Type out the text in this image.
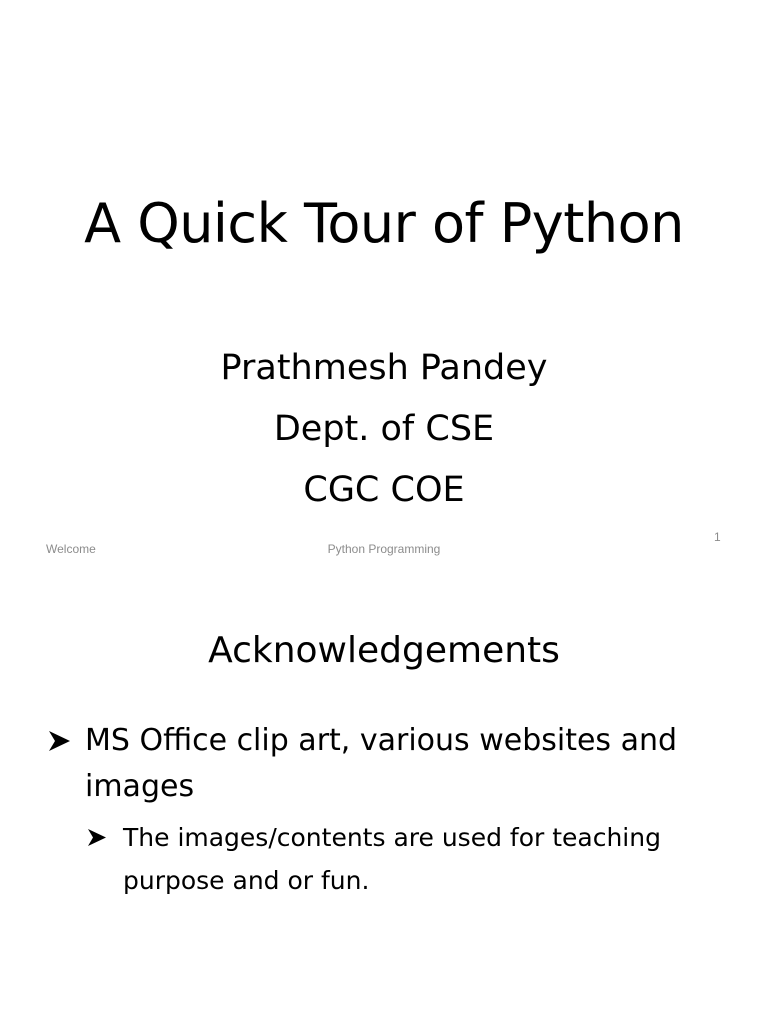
A Quick Tour of Python
Prathmesh Pandey
Dept. of CSE
CGC COE
Welcome	Python Programming
1
Acknowledgements
MS Office clip art, various websites and images
The images/contents are used for teaching purpose and or fun.
